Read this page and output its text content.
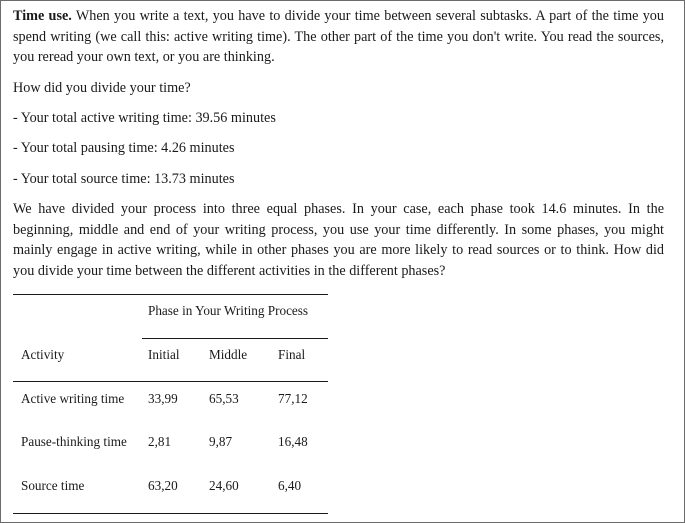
Time use. When you write a text, you have to divide your time between several subtasks. A part of the time you spend writing (we call this: active writing time). The other part of the time you don't write. You read the sources, you reread your own text, or you are thinking.

How did you divide your time?

- Your total active writing time: 39.56 minutes

- Your total pausing time: 4.26 minutes

- Your total source time: 13.73 minutes

We have divided your process into three equal phases. In your case, each phase took 14.6 minutes. In the beginning, middle and end of your writing process, you use your time differently. In some phases, you might mainly engage in active writing, while in other phases you are more likely to read sources or to think. How did you divide your time between the different activities in the different phases?

Phase in Your Writing Process
Activity	Initial Middle Final
Active writing time 33,99 65,53	77,12
Pause-thinking time 2,81	9,87	16,48
Source time	63,20 24,60	6,40
